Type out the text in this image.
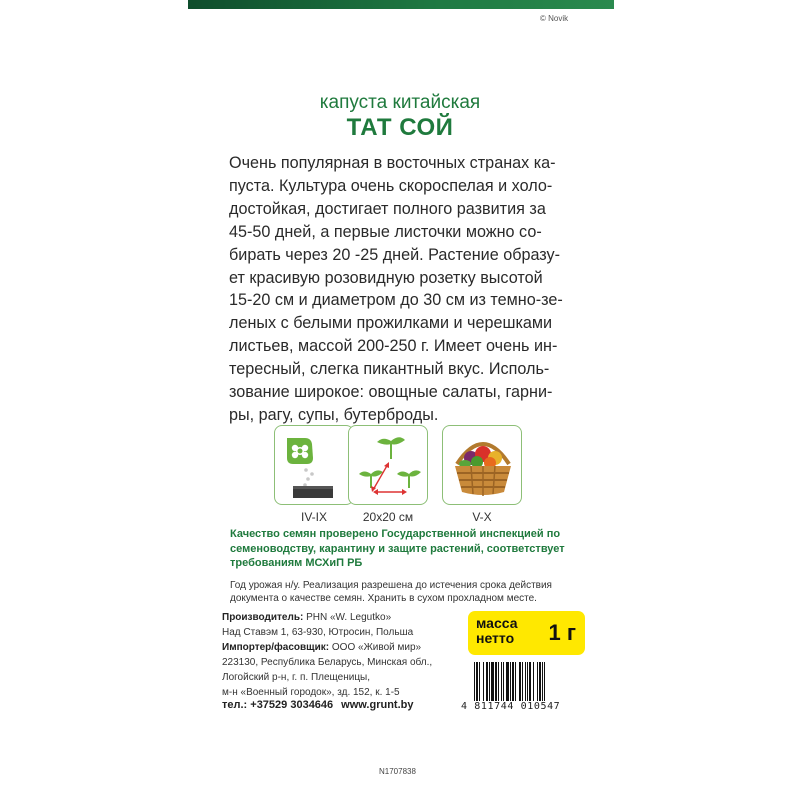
© Novik
капуста китайская
ТАТ СОЙ
Очень популярная в восточных странах ка-
пуста. Культура очень скороспелая и холо-
достойкая, достигает полного развития за
45-50 дней, а первые листочки можно со-
бирать через 20 -25 дней. Растение образу-
ет красивую розовидную розетку высотой
15-20 см и диаметром до 30 см из темно-зе-
леных с белыми прожилками и черешками
листьев, массой 200-250 г. Имеет очень ин-
тересный, слегка пикантный вкус. Исполь-
зование широкое: овощные салаты, гарни-
ры, рагу, супы, бутерброды.
IV-IX	20x20 см	V-X
Качество семян проверено Государственной инспекцией по
семеноводству, карантину и защите растений, соответствует
требованиям МСХиП РБ
Год урожая н/у. Реализация разрешена до истечения срока действия
документа о качестве семян. Хранить в сухом прохладном месте.
Производитель: PHN «W. Legutko»
Над Ставэм 1, 63-930, Ютросин, Польша
Импортер/фасовщик: ООО «Живой мир»
223130, Республика Беларусь, Минская обл.,
Логойский р-н, г. п. Плещеницы,
м-н «Военный городок», зд. 152, к. 1-5
тел.: +37529 3034646 www.grunt.by
масса
нетто 1 г
4 811744 010547
N1707838
